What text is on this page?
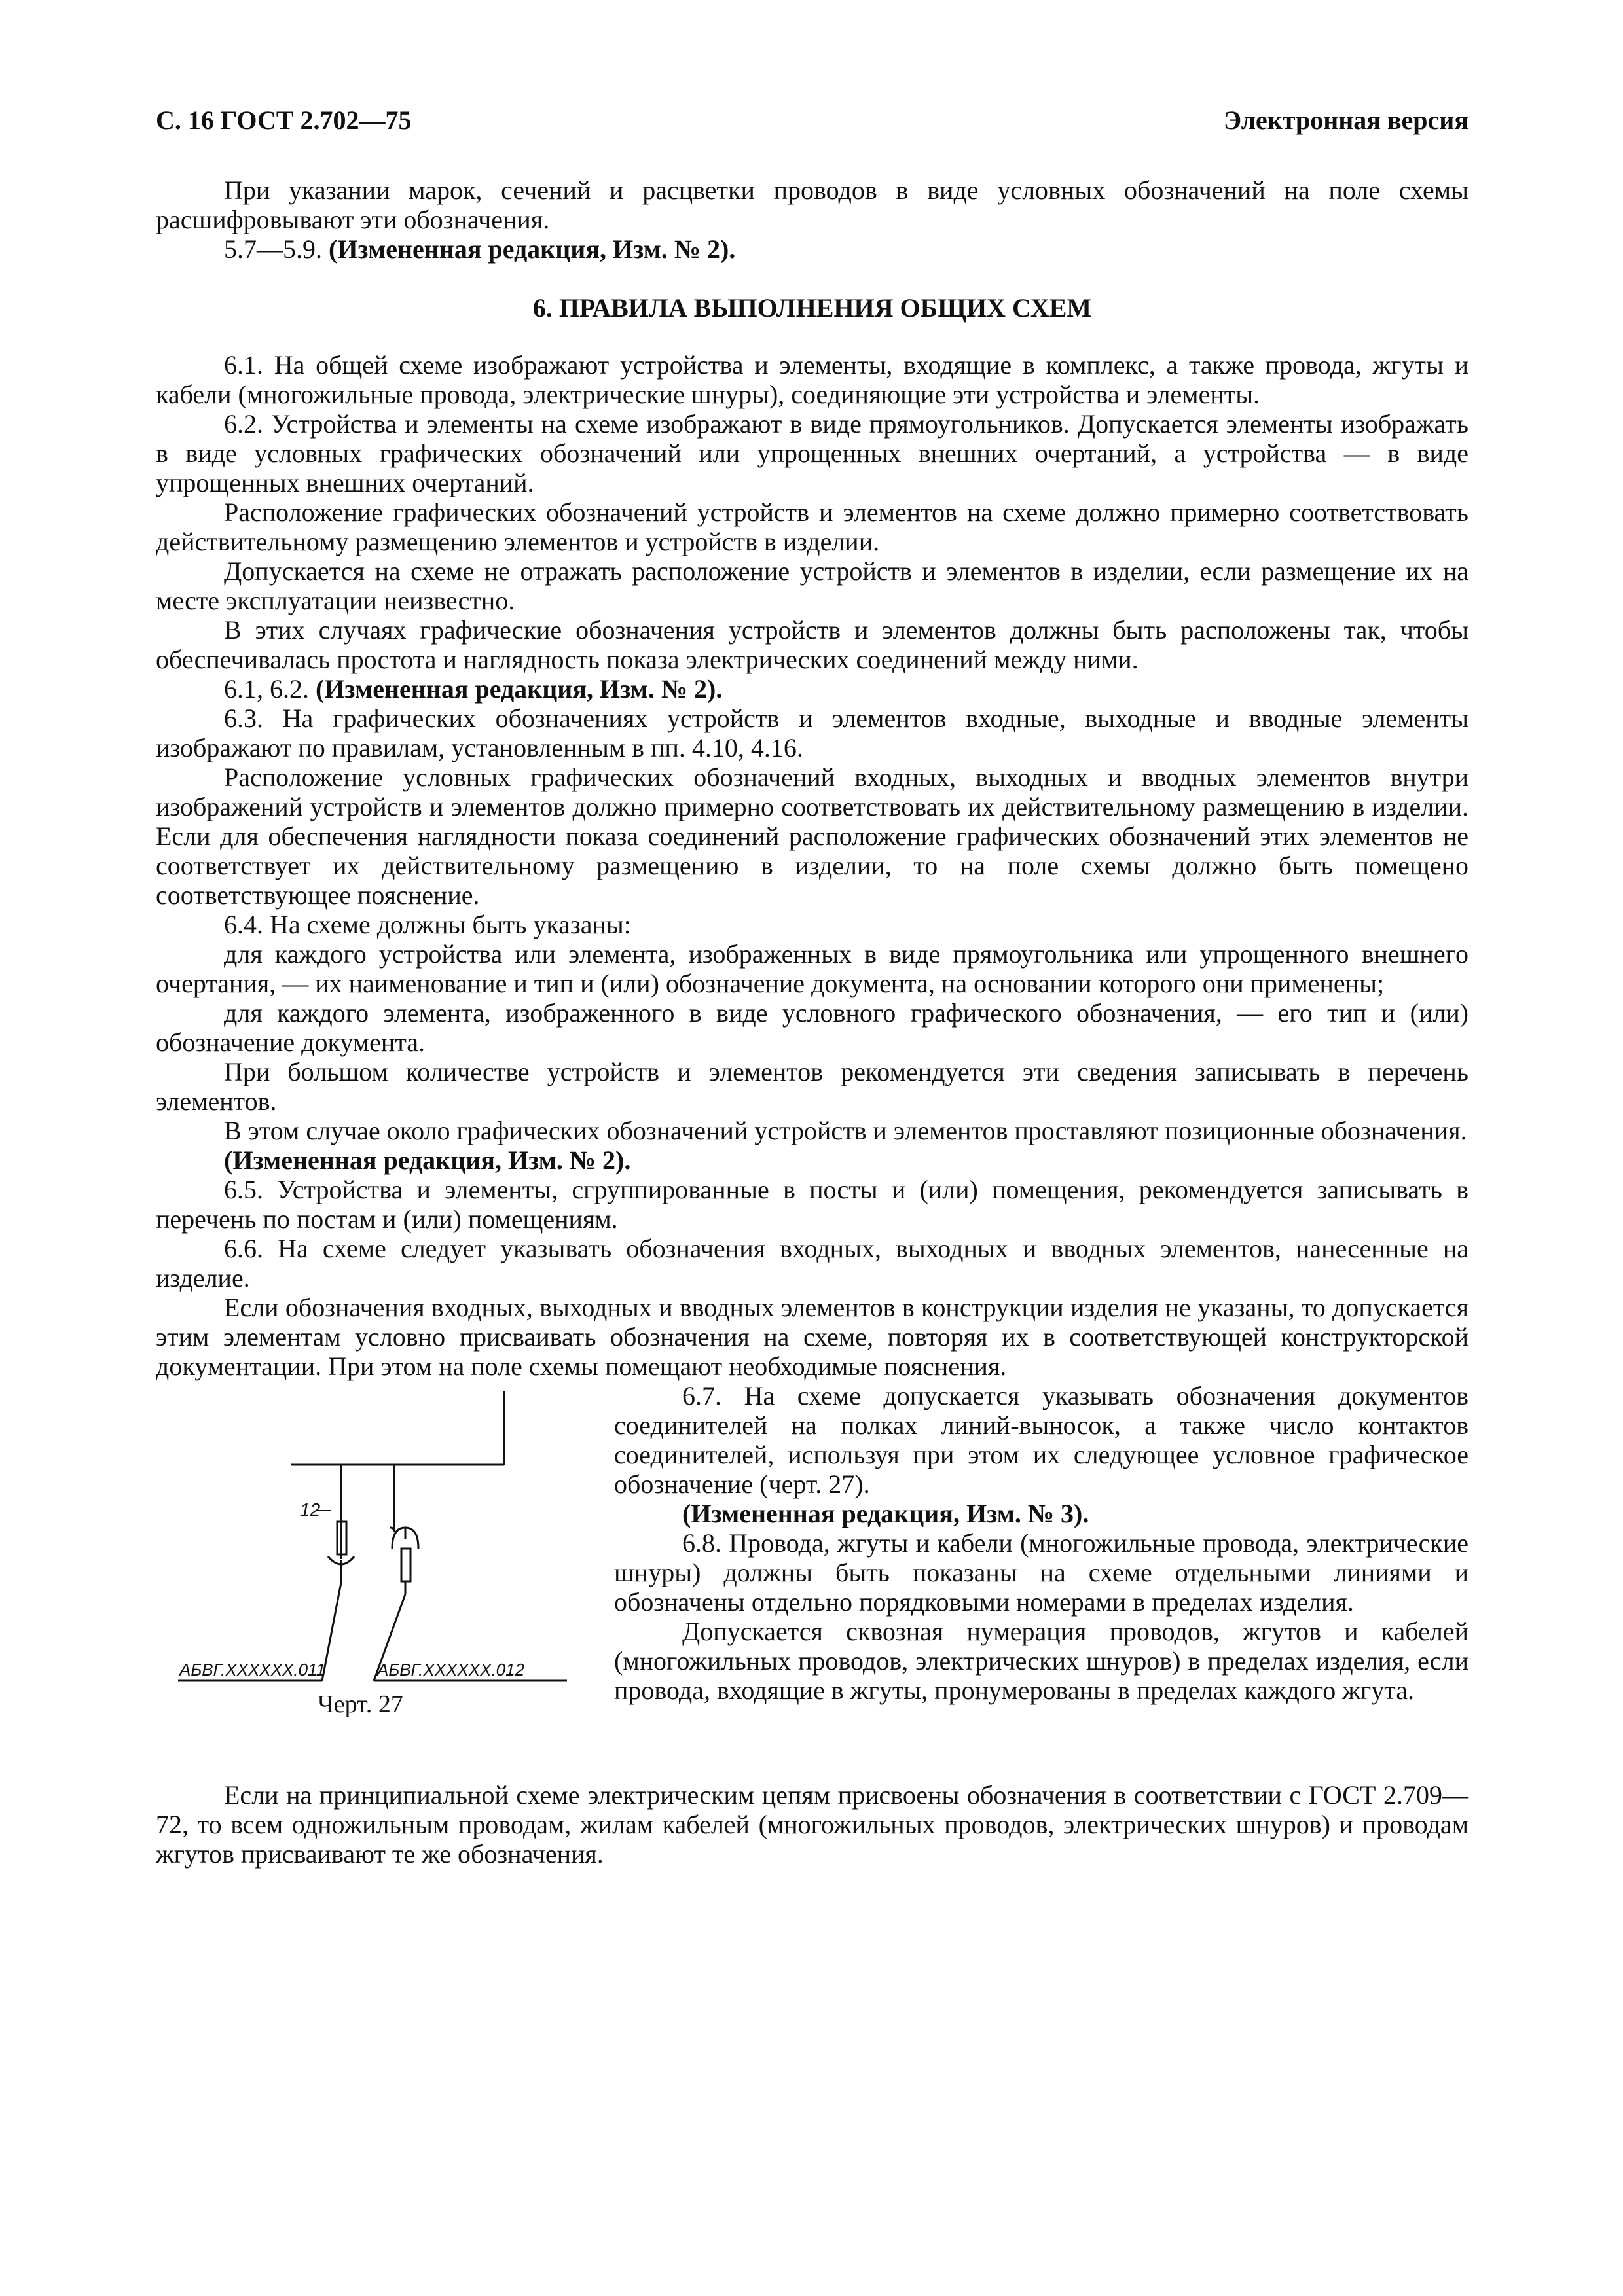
С. 16 ГОСТ 2.702—75	Электронная версия

При указании марок, сечений и расцветки проводов в виде условных обозначений на поле схемы расшифровывают эти обозначения.

5.7—5.9. (Измененная редакция, Изм. № 2).

6. ПРАВИЛА ВЫПОЛНЕНИЯ ОБЩИХ СХЕМ

6.1. На общей схеме изображают устройства и элементы, входящие в комплекс, а также провода, жгуты и кабели (многожильные провода, электрические шнуры), соединяющие эти устройства и элементы.

6.2. Устройства и элементы на схеме изображают в виде прямоугольников. Допускается элементы изображать в виде условных графических обозначений или упрощенных внешних очертаний, а устройства — в виде упрощенных внешних очертаний.

Расположение графических обозначений устройств и элементов на схеме должно примерно соответствовать действительному размещению элементов и устройств в изделии.

Допускается на схеме не отражать расположение устройств и элементов в изделии, если размещение их на месте эксплуатации неизвестно.

В этих случаях графические обозначения устройств и элементов должны быть расположены так, чтобы обеспечивалась простота и наглядность показа электрических соединений между ними.

6.1, 6.2. (Измененная редакция, Изм. № 2).

6.3. На графических обозначениях устройств и элементов входные, выходные и вводные элементы изображают по правилам, установленным в пп. 4.10, 4.16.

Расположение условных графических обозначений входных, выходных и вводных элементов внутри изображений устройств и элементов должно примерно соответствовать их действительному размещению в изделии. Если для обеспечения наглядности показа соединений расположение графических обозначений этих элементов не соответствует их действительному размещению в изделии, то на поле схемы должно быть помещено соответствующее пояснение.

6.4. На схеме должны быть указаны:

для каждого устройства или элемента, изображенных в виде прямоугольника или упрощенного внешнего очертания, — их наименование и тип и (или) обозначение документа, на основании которого они применены;

для каждого элемента, изображенного в виде условного графического обозначения, — его тип и (или) обозначение документа.

При большом количестве устройств и элементов рекомендуется эти сведения записывать в перечень элементов.

В этом случае около графических обозначений устройств и элементов проставляют позиционные обозначения.

(Измененная редакция, Изм. № 2).

6.5. Устройства и элементы, сгруппированные в посты и (или) помещения, рекомендуется записывать в перечень по постам и (или) помещениям.

6.6. На схеме следует указывать обозначения входных, выходных и вводных элементов, нанесенные на изделие.

Если обозначения входных, выходных и вводных элементов в конструкции изделия не указаны, то допускается этим элементам условно присваивать обозначения на схеме, повторяя их в соответствующей конструкторской документации. При этом на поле схемы помещают необходимые пояснения.

12
АБВГ.XXXXXX.011	АБВГ.XXXXXX.012
Черт. 27

6.7. На схеме допускается указывать обозначения документов соединителей на полках линий-выносок, а также число контактов соединителей, используя при этом их следующее условное графическое обозначение (черт. 27).

(Измененная редакция, Изм. № 3).

6.8. Провода, жгуты и кабели (многожильные провода, электрические шнуры) должны быть показаны на схеме отдельными линиями и обозначены отдельно порядковыми номерами в пределах изделия.

Допускается сквозная нумерация проводов, жгутов и кабелей (многожильных проводов, электрических шнуров) в пределах изделия, если провода, входящие в жгуты, пронумерованы в пределах каждого жгута.

Если на принципиальной схеме электрическим цепям присвоены обозначения в соответствии с ГОСТ 2.709—72, то всем одножильным проводам, жилам кабелей (многожильных проводов, электрических шнуров) и проводам жгутов присваивают те же обозначения.
